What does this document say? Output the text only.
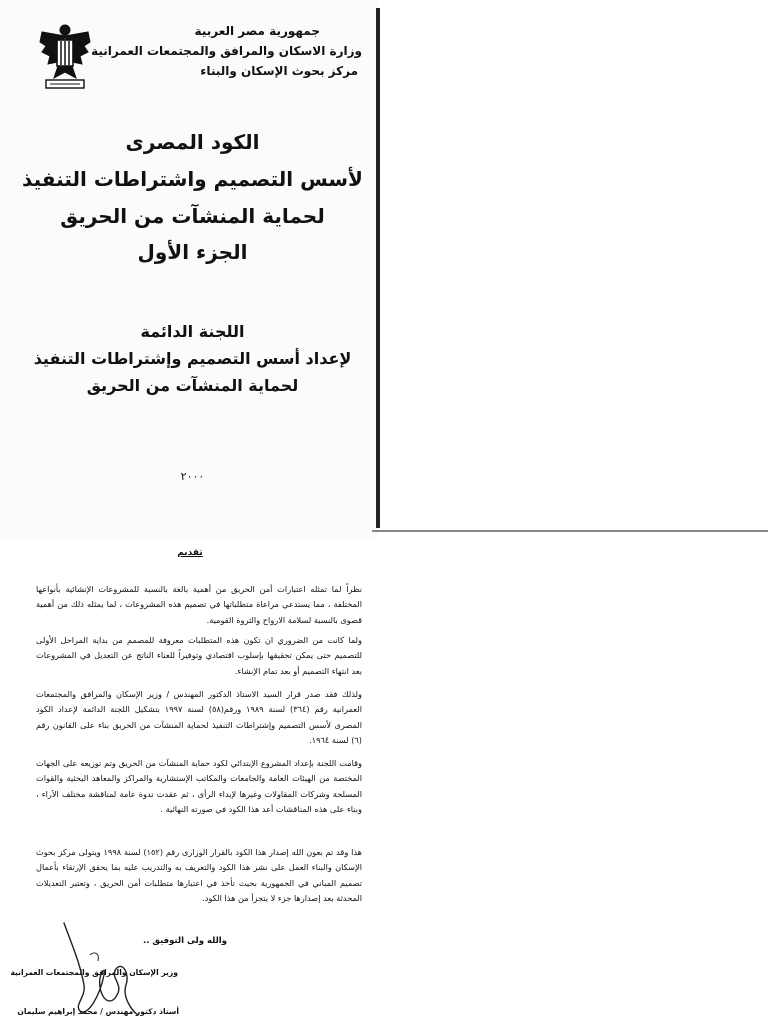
جمهورية مصر العربية
وزارة الاسكان والمرافق والمجتمعات العمرانية
مركز بحوث الإسكان والبناء
الكود المصرى
لأسس التصميم واشتراطات التنفيذ
لحماية المنشآت من الحريق
الجزء الأول
اللجنة الدائمة
لإعداد أسس التصميم وإشتراطات التنفيذ
لحماية المنشآت من الحريق
٢٠٠٠
تقديم
نظراً لما تمثله اعتبارات أمن الحريق من أهمية بالغة بالنسبة للمشروعات الإنشائية بأنواعها المختلفة ، مما يستدعي مراعاة متطلباتها في تصميم هذه المشروعات ، لما يمثله ذلك من أهمية قصوى بالنسبة لسلامة الارواح والثروة القومية.
ولما كانت من الضروري ان تكون هذه المتطلبات معروفة للمصمم من بداية المراحل الأولى للتصميم حتى يمكن تحقيقها بإسلوب اقتصادي وتوفيراً للعناء الناتج عن التعديل في المشروعات بعد انتهاء التصميم أو بعد تمام الإنشاء.
ولذلك فقد صدر قرار السيد الاستاذ الدكتور المهندس / وزير الإسكان والمرافق والمجتمعات العمرانية رقم (٣٦٤) لسنة ١٩٨٩ ورقم(٥٨) لسنة ١٩٩٧ بتشكيل اللجنة الدائمة لإعداد الكود المصرى لأسس التصميم وإشتراطات التنفيذ لحماية المنشآت من الحريق بناء على القانون رقم (٦) لسنة ١٩٦٤.
وقامت اللجنة بإعداد المشروع الإبتدائي لكود حماية المنشآت من الحريق وتم توزيعه على الجهات المختصة من الهيئات العامة والجامعات والمكاتب الإستشارية والمراكز والمعاهد البحثية والقوات المسلحة وشركات المقاولات وغيرها لإبداء الرأى ، ثم عقدت ندوة عامة لمناقشة مختلف الآراء ، وبناء على هذه المناقشات أعد هذا الكود في صورته النهائية .
هذا وقد تم بعون الله إصدار هذا الكود بالقرار الوزارى رقم (١٥٢) لسنة ١٩٩٨ ويتولى مركز بحوث الإسكان والبناء العمل على نشر هذا الكود والتعريف به والتدريب عليه بما يحقق الإرتقاء بأعمال تصميم المباني في الجمهورية بحيث تأخذ في اعتبارها متطلبات أمن الحريق ، وتعتبر التعديلات المحدثة بعد إصدارها جزء لا يتجزأ من هذا الكود.
والله ولى التوفيق ..
وزير الإسكان والمرافق والمجتمعات العمرانية
أستاذ دكتور مهندس / محمد إبراهيم سليمان
